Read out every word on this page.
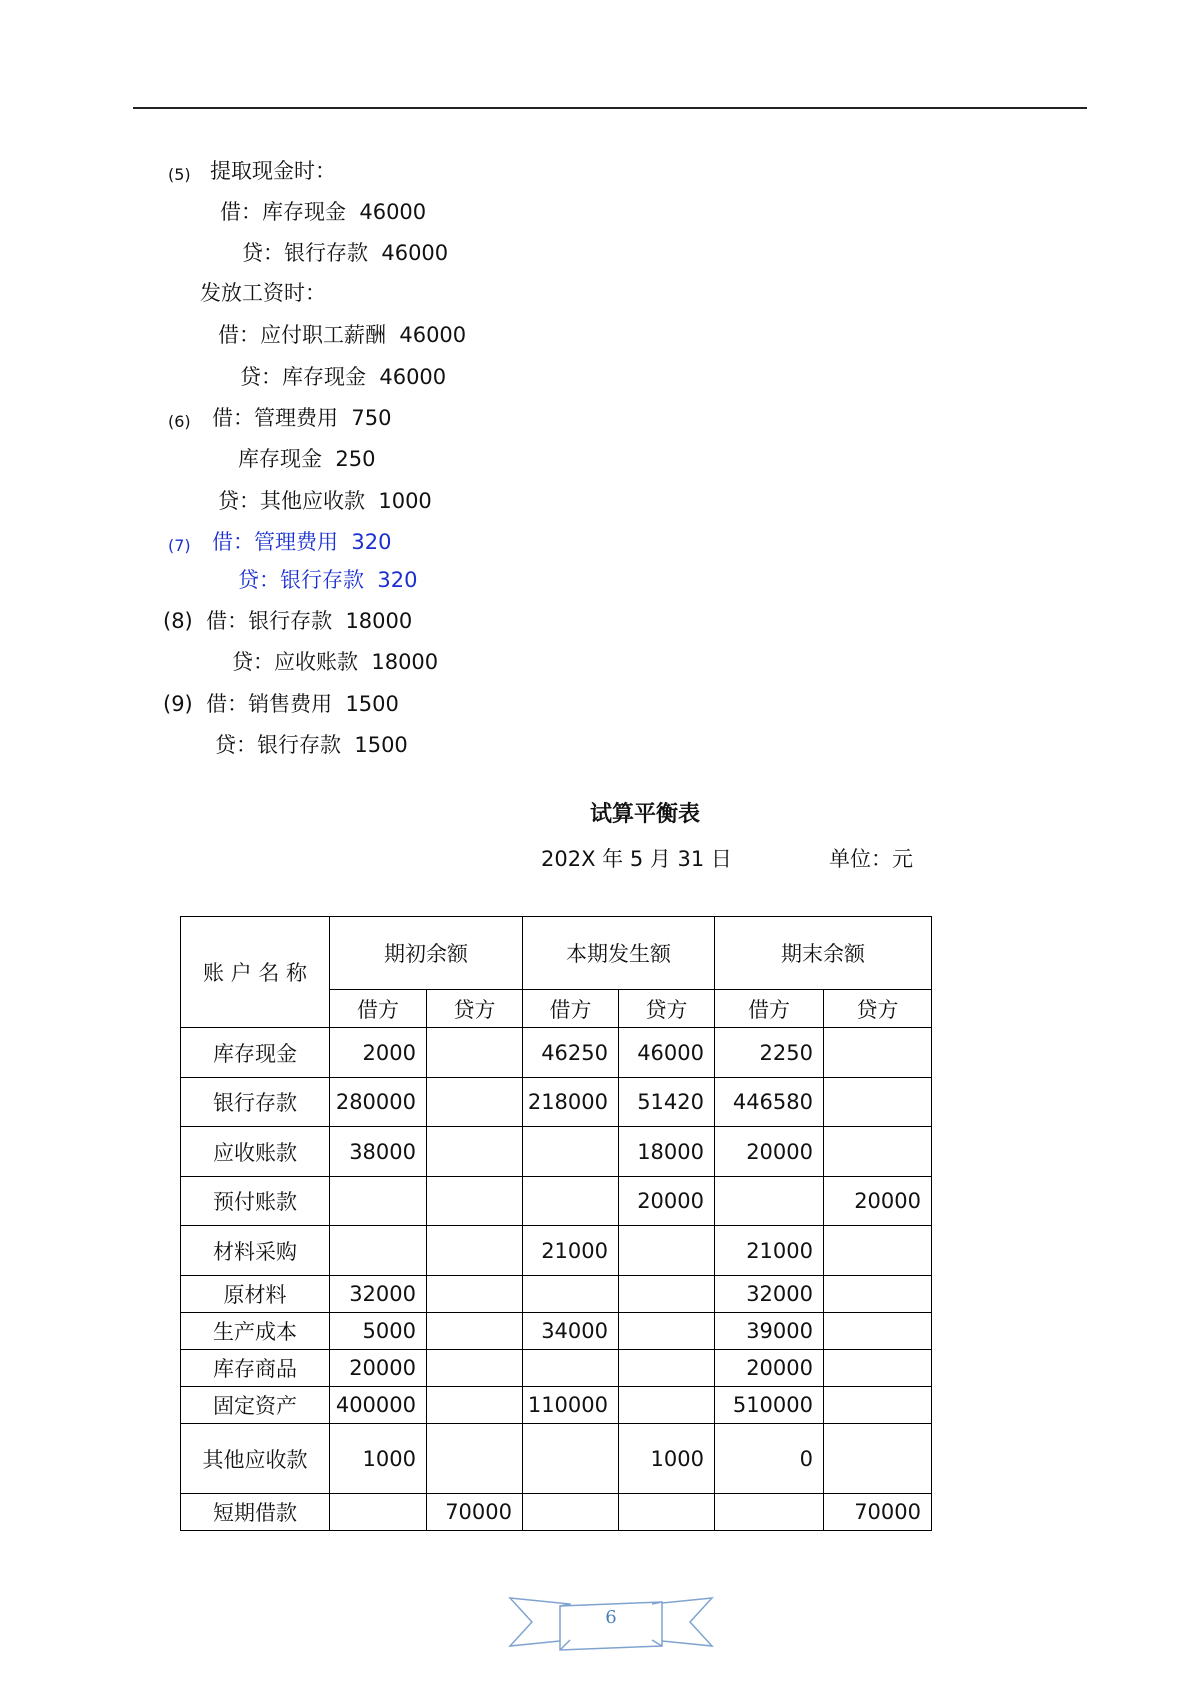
(5) 提取现金时：
借：库存现金  46000
贷：银行存款  46000
发放工资时：
借：应付职工薪酬  46000
贷：库存现金  46000
(6) 借：管理费用  750
库存现金  250
贷：其他应收款  1000
(7) 借：管理费用  320
贷：银行存款  320
(8)  借：银行存款  18000
贷：应收账款  18000
(9)  借：销售费用  1500
贷：银行存款  1500
试算平衡表
202X 年 5 月 31 日	单位：元
账 户 名 称	期初余额		本期发生额		期末余额	
	借方	贷方	借方	贷方	借方	贷方
库存现金	2000		46250	46000	2250	
银行存款	280000		218000	51420	446580	
应收账款	38000			18000	20000	
预付账款				20000		20000
材料采购			21000		21000	
原材料	32000				32000	
生产成本	5000		34000		39000	
库存商品	20000				20000	
固定资产	400000		110000		510000	
其他应收款	1000			1000	0	
短期借款		70000				70000
6
